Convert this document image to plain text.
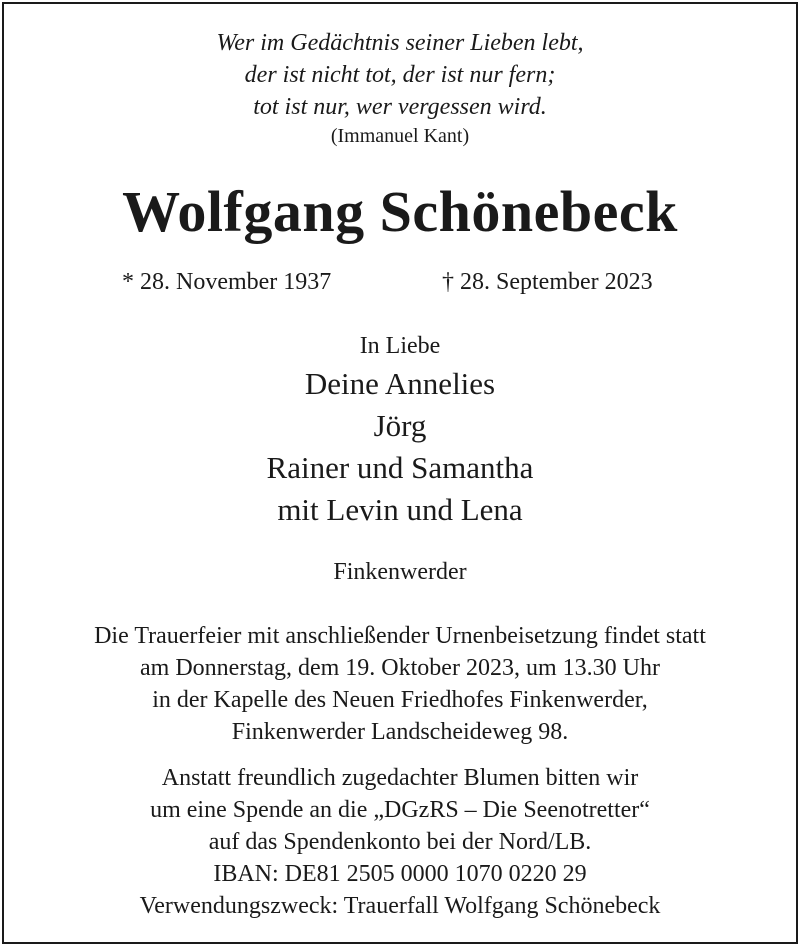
Wer im Gedächtnis seiner Lieben lebt,

der ist nicht tot, der ist nur fern;

tot ist nur, wer vergessen wird.

(Immanuel Kant)

Wolfgang Schönebeck
* 28. November 1937	† 28. September 2023

In Liebe

Deine Annelies

Jörg

Rainer und Samantha

mit Levin und Lena

Finkenwerder

Die Trauerfeier mit anschließender Urnenbeisetzung findet statt

am Donnerstag, dem 19. Oktober 2023, um 13.30 Uhr

in der Kapelle des Neuen Friedhofes Finkenwerder,

Finkenwerder Landscheideweg 98.

Anstatt freundlich zugedachter Blumen bitten wir

um eine Spende an die „DGzRS – Die Seenotretter“

auf das Spendenkonto bei der Nord/LB.

IBAN: DE81 2505 0000 1070 0220 29

Verwendungszweck: Trauerfall Wolfgang Schönebeck
